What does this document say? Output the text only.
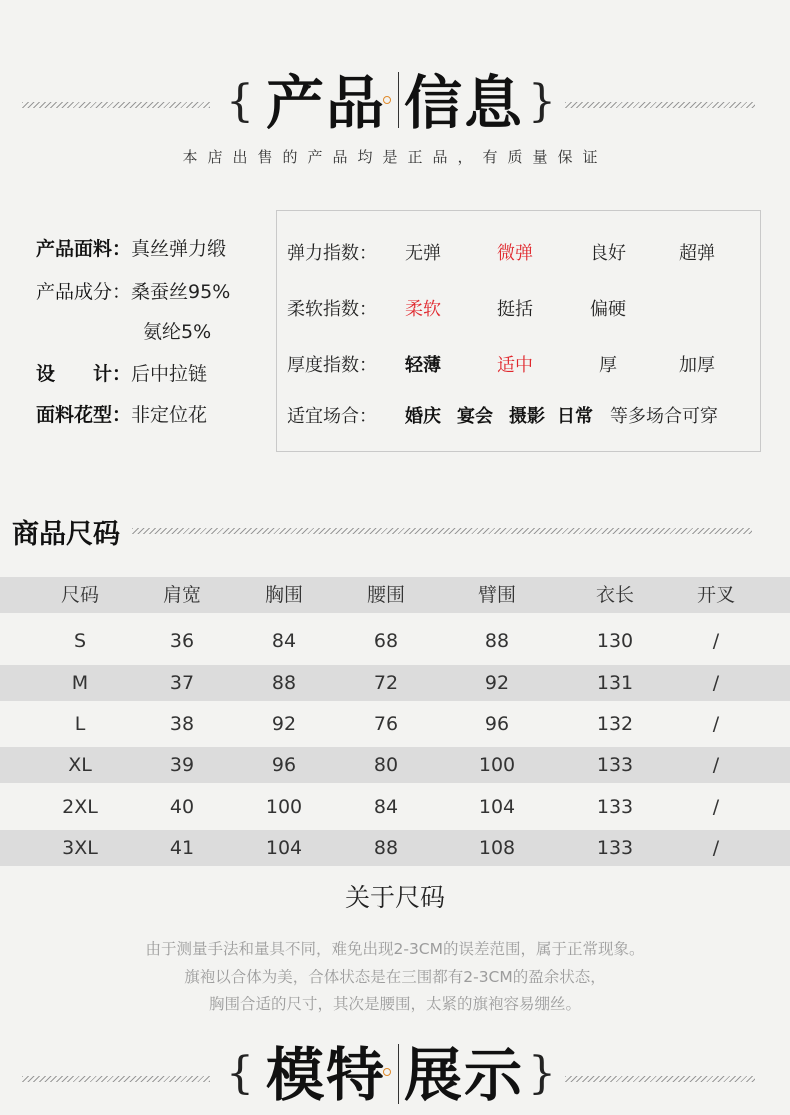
{ 产品 信息 }
本店出售的产品均是正品，有质量保证
产品面料：真丝弹力缎
产品成分：桑蚕丝95%
氨纶5%
设　　计：后中拉链
面料花型：非定位花
弹力指数： 无弹	微弹	良好	超弹
柔软指数： 柔软	挺括	偏硬
厚度指数： 轻薄	适中	厚	加厚
适宜场合： 婚庆 宴会 摄影 日常 等多场合可穿
商品尺码
尺码	肩宽	胸围	腰围	臂围	衣长	开叉
S	36	84	68	88	130	/
M	37	88	72	92	131	/
L	38	92	76	96	132	/
XL	39	96	80	100	133	/
2XL	40	100	84	104	133	/
3XL	41	104	88	108	133	/
关于尺码
由于测量手法和量具不同，难免出现2-3CM的误差范围，属于正常现象。
旗袍以合体为美，合体状态是在三围都有2-3CM的盈余状态，
胸围合适的尺寸，其次是腰围，太紧的旗袍容易绷丝。
{ 模特 展示 }
